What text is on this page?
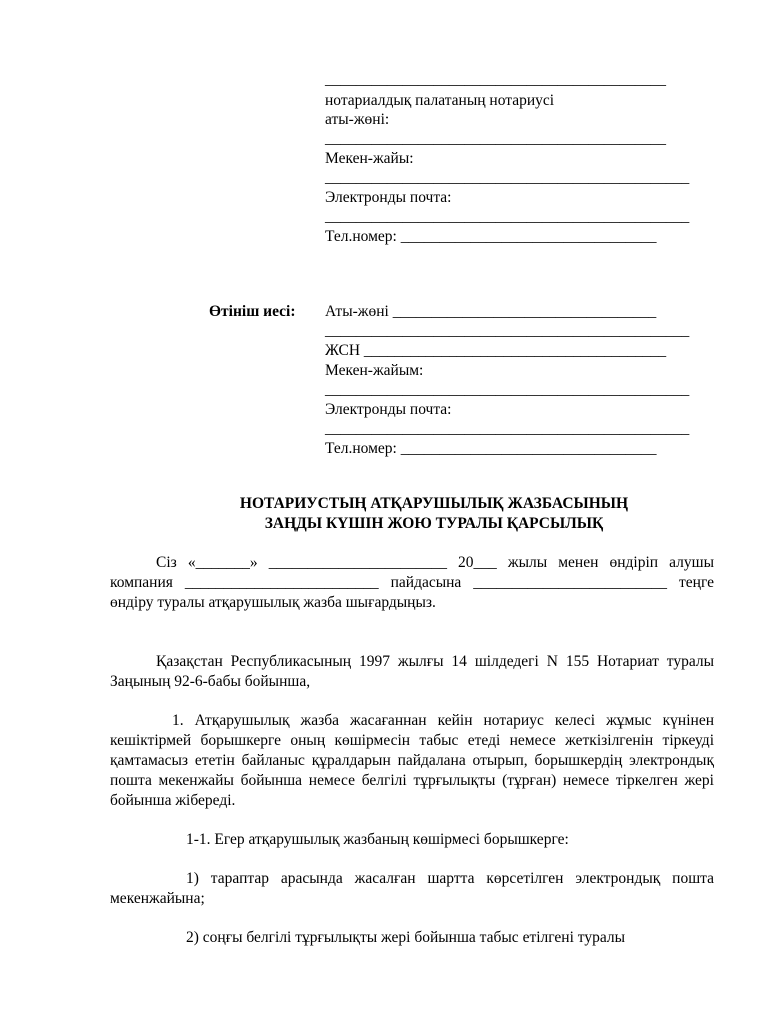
____________________________________________
нотариалдық палатаның нотариусі
аты-жөні:
____________________________________________
Мекен-жайы:
_______________________________________________
Электронды почта:
_______________________________________________
Тел.номер: _________________________________
Өтініш иесі: Аты-жөні __________________________________
_______________________________________________
ЖСН _______________________________________
Мекен-жайым:
_______________________________________________
Электронды почта:
_______________________________________________
Тел.номер: _________________________________
НОТАРИУСТЫҢ АТҚАРУШЫЛЫҚ ЖАЗБАСЫНЫҢ
ЗАҢДЫ КҮШІН ЖОЮ ТУРАЛЫ ҚАРСЫЛЫҚ
Сіз «_______» _______________________ 20___ жылы менен өндіріп алушы компания _________________________ пайдасына _________________________ теңге өндіру туралы атқарушылық жазба шығардыңыз.
Қазақстан Республикасының 1997 жылғы 14 шілдедегі N 155 Нотариат туралы Заңының 92-6-бабы бойынша,
1. Атқарушылық жазба жасағаннан кейін нотариус келесі жұмыс күнінен кешіктірмей борышкерге оның көшірмесін табыс етеді немесе жеткізілгенін тіркеуді қамтамасыз ететін байланыс құралдарын пайдалана отырып, борышкердің электрондық пошта мекенжайы бойынша немесе белгілі тұрғылықты (тұрған) немесе тіркелген жері бойынша жібереді.
1-1. Егер атқарушылық жазбаның көшірмесі борышкерге:
1) тараптар арасында жасалған шартта көрсетілген электрондық пошта мекенжайына;
2) соңғы белгілі тұрғылықты жері бойынша табыс етілгені туралы
